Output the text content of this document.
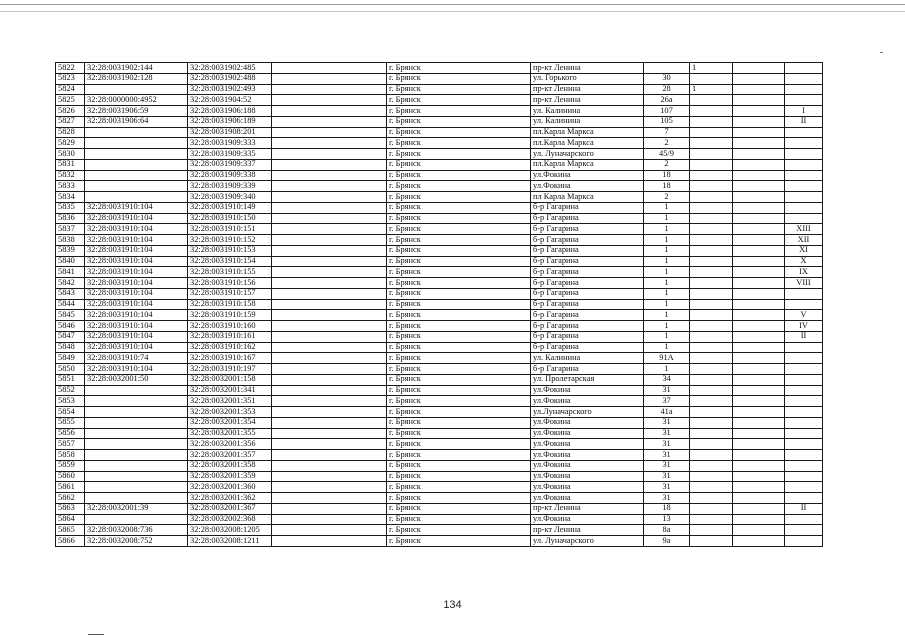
5822	32:28:0031902:144	32:28:0031902:485		г. Брянск	пр-кт Ленина		1		
5823	32:28:0031902:128	32:28:0031902:488		г. Брянск	ул. Горького	30			
5824		32:28:0031902:493		г. Брянск	пр-кт Ленина	28	1		
5825	32:28:0000000:4952	32:28:0031904:52		г. Брянск	пр-кт Ленина	26а			
5826	32:28:0031906:59	32:28:0031906:188		г. Брянск	ул. Калинина	107			I
5827	32:28:0031906:64	32:28:0031906:189		г. Брянск	ул. Калинина	105			II
5828		32:28:0031908:201		г. Брянск	пл.Карла Маркса	7			
5829		32:28:0031909:333		г. Брянск	пл.Карла Маркса	2			
5830		32:28:0031909:335		г. Брянск	ул. Луначарского	45/9			
5831		32:28:0031909:337		г. Брянск	пл.Карла Маркса	2			
5832		32:28:0031909:338		г. Брянск	ул.Фокина	18			
5833		32:28:0031909:339		г. Брянск	ул.Фокина	18			
5834		32:28:0031909:340		г. Брянск	пл Карла Маркса	2			
5835	32:28:0031910:104	32:28:0031910:149		г. Брянск	б-р Гагарина	1			
5836	32:28:0031910:104	32:28:0031910:150		г. Брянск	б-р Гагарина	1			
5837	32:28:0031910:104	32:28:0031910:151		г. Брянск	б-р Гагарина	1			XIII
5838	32:28:0031910:104	32:28:0031910:152		г. Брянск	б-р Гагарина	1			XII
5839	32:28:0031910:104	32:28:0031910:153		г. Брянск	б-р Гагарина	1			XI
5840	32:28:0031910:104	32:28:0031910:154		г. Брянск	б-р Гагарина	1			X
5841	32:28:0031910:104	32:28:0031910:155		г. Брянск	б-р Гагарина	1			IX
5842	32:28:0031910:104	32:28:0031910:156		г. Брянск	б-р Гагарина	1			VIII
5843	32:28:0031910:104	32:28:0031910:157		г. Брянск	б-р Гагарина	1			
5844	32:28:0031910:104	32:28:0031910:158		г. Брянск	б-р Гагарина	1			
5845	32:28:0031910:104	32:28:0031910:159		г. Брянск	б-р Гагарина	1			V
5846	32:28:0031910:104	32:28:0031910:160		г. Брянск	б-р Гагарина	1			IV
5847	32:28:0031910:104	32:28:0031910:161		г. Брянск	б-р Гагарина	1			II
5848	32:28:0031910:104	32:28:0031910:162		г. Брянск	б-р Гагарина	1			
5849	32:28:0031910:74	32:28:0031910:167		г. Брянск	ул. Калинина	91А			
5850	32:28:0031910:104	32:28:0031910:197		г. Брянск	б-р Гагарина	1			
5851	32:28:0032001:50	32:28:0032001:158		г. Брянск	ул. Пролетарская	34			
5852		32:28:0032001:341		г. Брянск	ул.Фокина	31			
5853		32:28:0032001:351		г. Брянск	ул.Фокина	37			
5854		32:28:0032001:353		г. Брянск	ул.Луначарского	41а			
5855		32:28:0032001:354		г. Брянск	ул.Фокина	31			
5856		32:28:0032001:355		г. Брянск	ул.Фокина	31			
5857		32:28:0032001:356		г. Брянск	ул.Фокина	31			
5858		32:28:0032001:357		г. Брянск	ул.Фокина	31			
5859		32:28:0032001:358		г. Брянск	ул.Фокина	31			
5860		32:28:0032001:359		г. Брянск	ул.Фокина	31			
5861		32:28:0032001:360		г. Брянск	ул.Фокина	31			
5862		32:28:0032001:362		г. Брянск	ул.Фокина	31			
5863	32:28:0032001:39	32:28:0032001:367		г. Брянск	пр-кт Ленина	18			II
5864		32:28:0032002:368		г. Брянск	ул.Фокина	13			
5865	32:28:0032008:736	32:28:0032008:1205		г. Брянск	пр-кт Ленина	8а			
5866	32:28:0032008:752	32:28:0032008:1211		г. Брянск	ул. Луначарского	9а			
134
